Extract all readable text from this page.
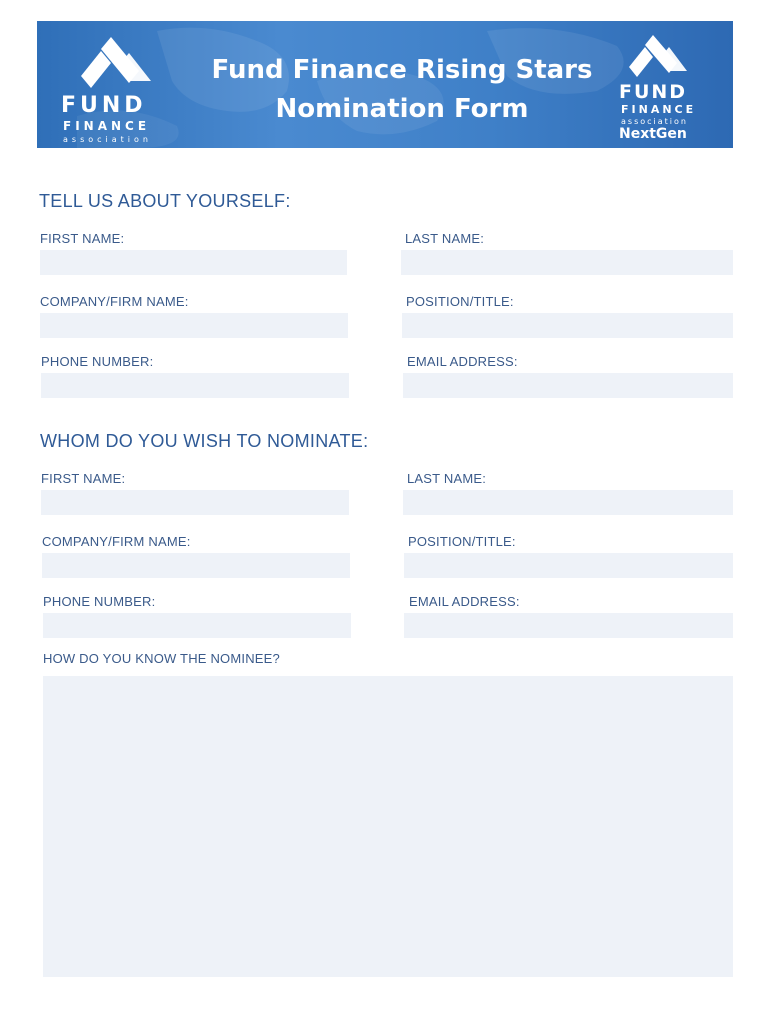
FUND
FINANCE
association
Fund Finance Rising Stars
Nomination Form
FUND
FINANCE
association
NextGen
TELL US ABOUT YOURSELF:
FIRST NAME:	LAST NAME:
COMPANY/FIRM NAME:	POSITION/TITLE:
PHONE NUMBER:	EMAIL ADDRESS:
WHOM DO YOU WISH TO NOMINATE:
FIRST NAME:	LAST NAME:
COMPANY/FIRM NAME:	POSITION/TITLE:
PHONE NUMBER:	EMAIL ADDRESS:
HOW DO YOU KNOW THE NOMINEE?
